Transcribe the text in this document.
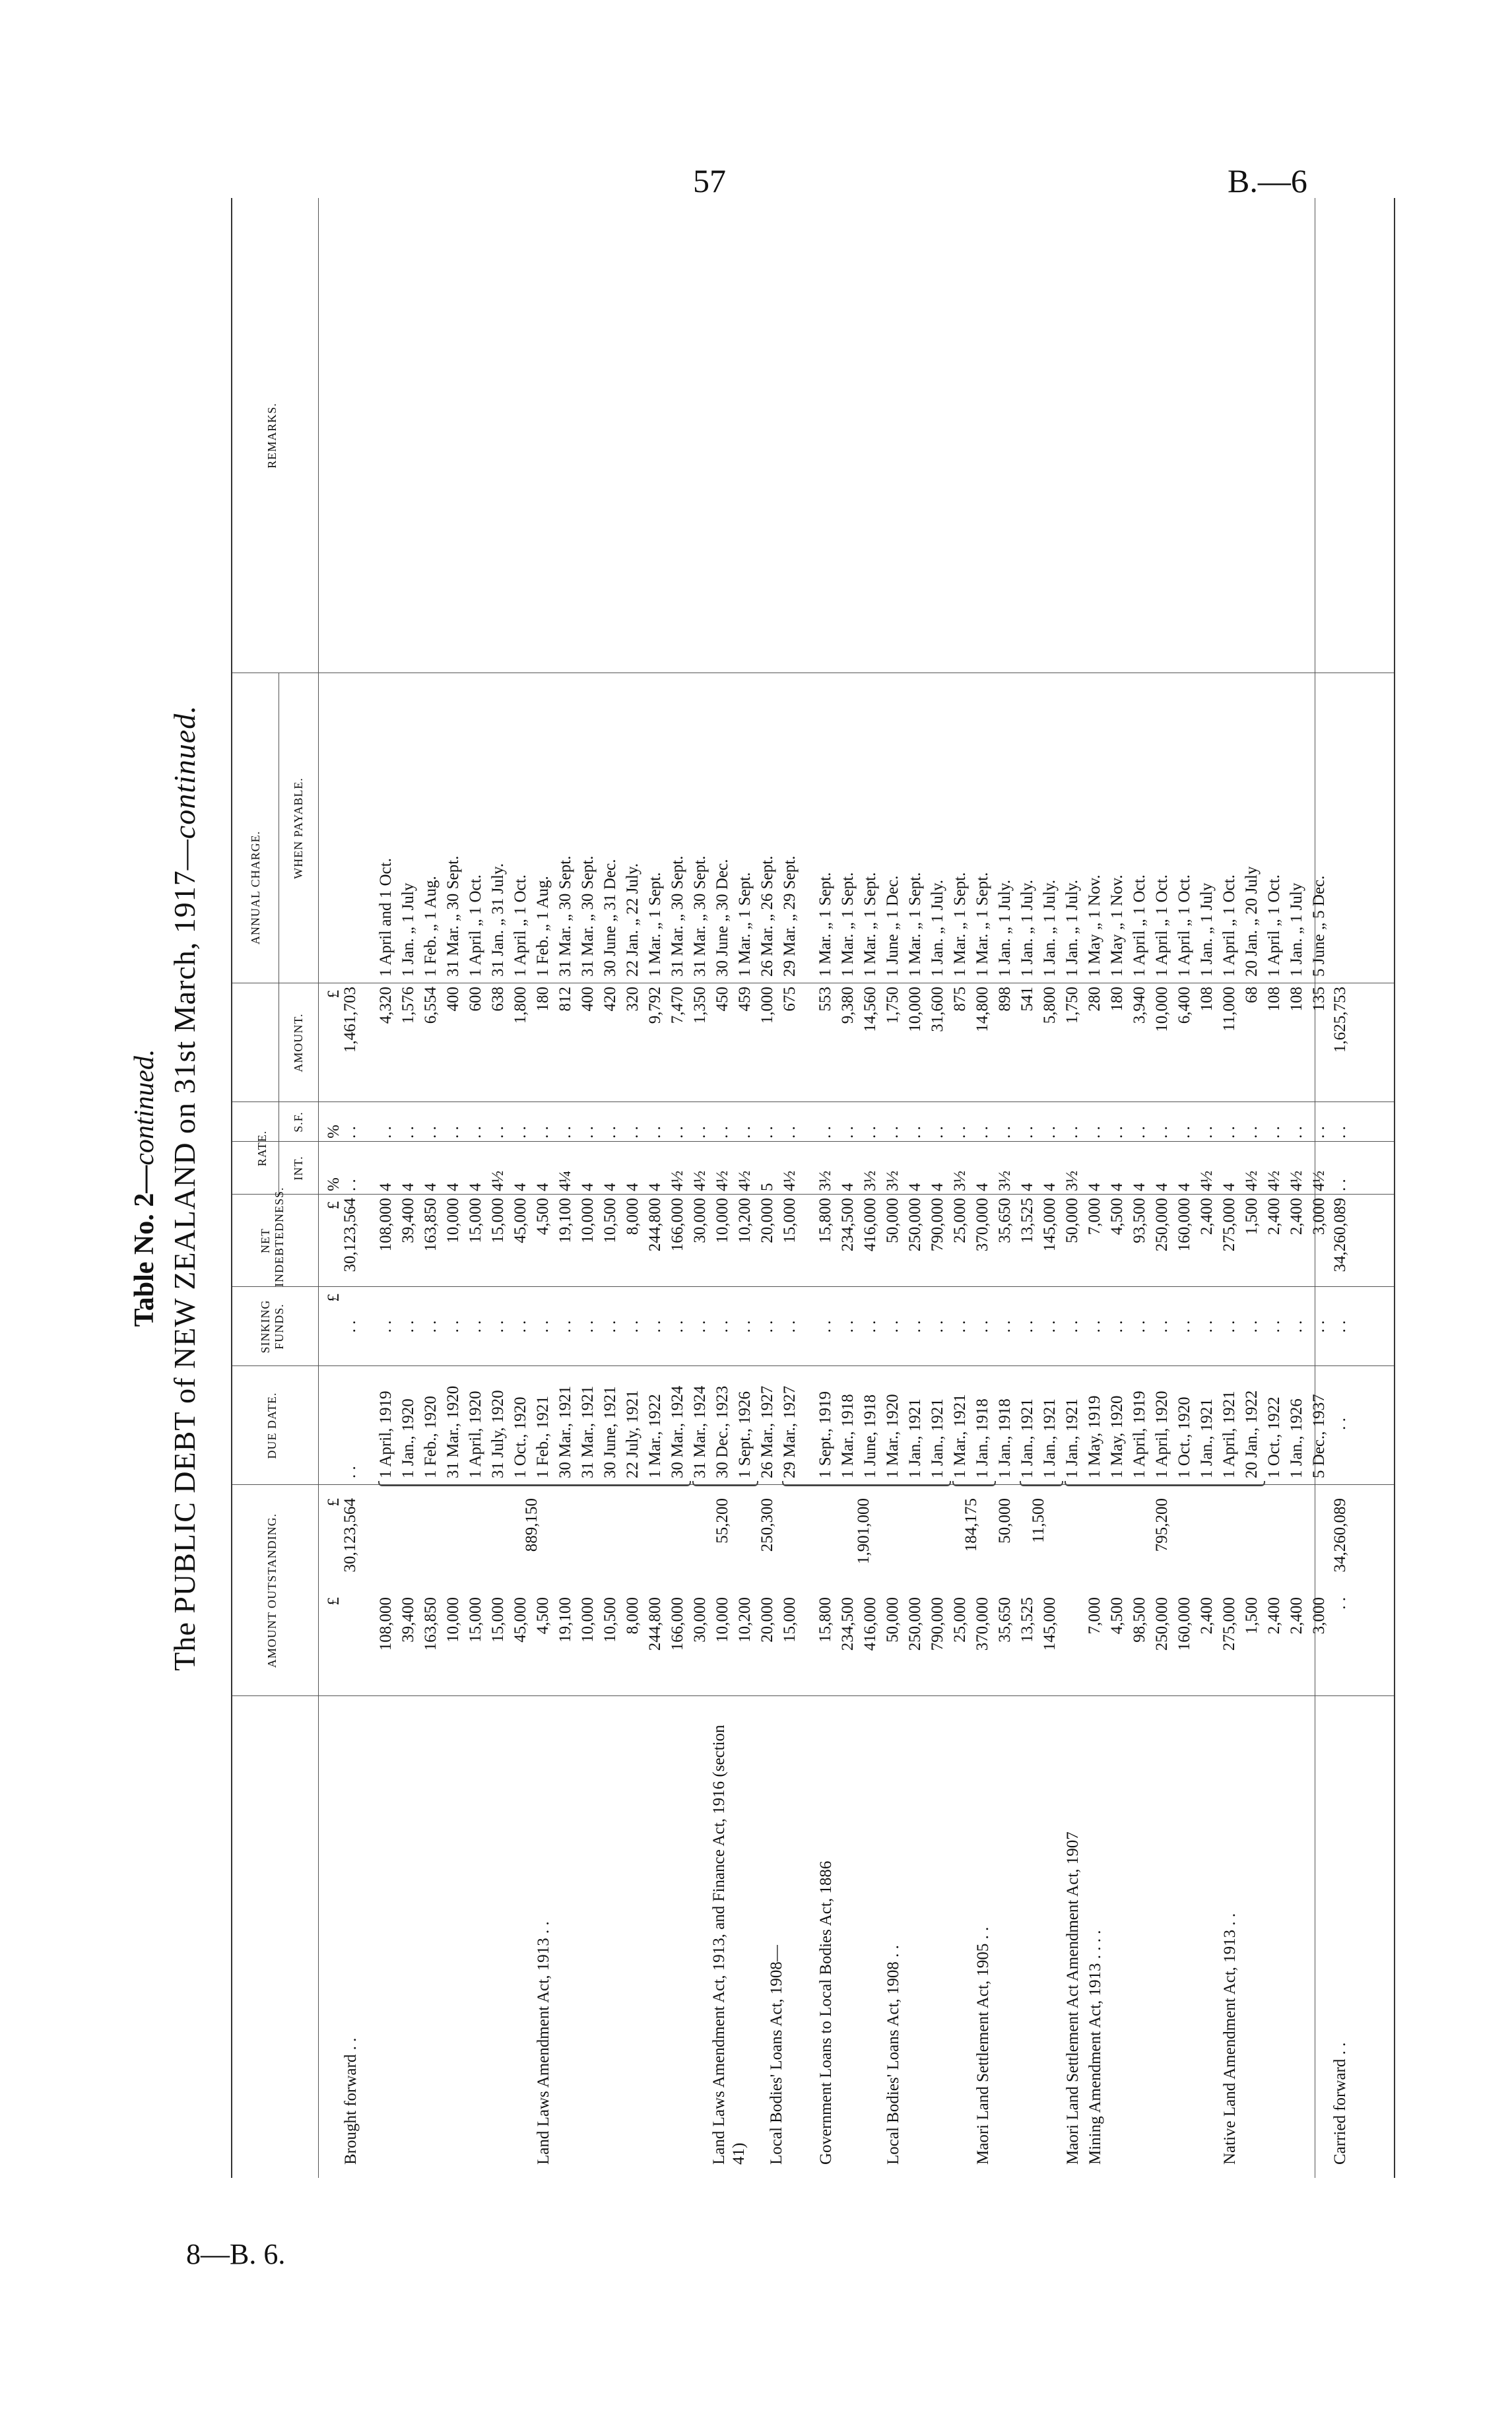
57	B.—6
8—B. 6.
Table No. 2—continued. The PUBLIC DEBT of NEW ZEALAND on 31st March, 1917—continued.
AMOUNT OUTSTANDING.
DUE DATE.
SINKING FUNDS.
NET INDEBTEDNESS.
RATE.
INT.
S.F.
ANNUAL CHARGE.
AMOUNT.
WHEN PAYABLE.
REMARKS.
£
£
£
£
%
%
£
. .
. .
30,123,564
. .
. .
1,461,703
108,000
1 April, 1919
. .
108,000
4
. .
4,320
1 April and 1 Oct.
39,400
1 Jan., 1920
. .
39,400
4
. .
1,576
1 Jan. „ 1 July
163,850
1 Feb., 1920
. .
163,850
4
. .
6,554
1 Feb. „ 1 Aug.
10,000
31 Mar., 1920
. .
10,000
4
. .
400
31 Mar. „ 30 Sept.
15,000
1 April, 1920
. .
15,000
4
. .
600
1 April „ 1 Oct.
15,000
31 July, 1920
. .
15,000
4½
. .
638
31 Jan. „ 31 July.
45,000
1 Oct., 1920
. .
45,000
4
. .
1,800
1 April „ 1 Oct.
4,500
1 Feb., 1921
. .
4,500
4
. .
180
1 Feb. „ 1 Aug.
19,100
30 Mar., 1921
. .
19,100
4¼
. .
812
31 Mar. „ 30 Sept.
10,000
31 Mar., 1921
. .
10,000
4
. .
400
31 Mar. „ 30 Sept.
10,500
30 June, 1921
. .
10,500
4
. .
420
30 June „ 31 Dec.
8,000
22 July, 1921
. .
8,000
4
. .
320
22 Jan. „ 22 July.
244,800
1 Mar., 1922
. .
244,800
4
. .
9,792
1 Mar. „ 1 Sept.
166,000
30 Mar., 1924
. .
166,000
4½
. .
7,470
31 Mar. „ 30 Sept.
30,000
31 Mar., 1924
. .
30,000
4½
. .
1,350
31 Mar. „ 30 Sept.
10,000
30 Dec., 1923
. .
10,000
4½
. .
450
30 June „ 30 Dec.
10,200
1 Sept., 1926
. .
10,200
4½
. .
459
1 Mar. „ 1 Sept.
20,000
26 Mar., 1927
. .
20,000
5
. .
1,000
26 Mar. „ 26 Sept.
15,000
29 Mar., 1927
. .
15,000
4½
. .
675
29 Mar. „ 29 Sept.
15,800
1 Sept., 1919
. .
15,800
3½
. .
553
1 Mar. „ 1 Sept.
234,500
1 Mar., 1918
. .
234,500
4
. .
9,380
1 Mar. „ 1 Sept.
416,000
1 June, 1918
. .
416,000
3½
. .
14,560
1 Mar. „ 1 Sept.
50,000
1 Mar., 1920
. .
50,000
3½
. .
1,750
1 June „ 1 Dec.
250,000
1 Jan., 1921
. .
250,000
4
. .
10,000
1 Mar. „ 1 Sept.
790,000
1 Jan., 1921
. .
790,000
4
. .
31,600
1 Jan. „ 1 July.
25,000
1 Mar., 1921
. .
25,000
3½
. .
875
1 Mar. „ 1 Sept.
370,000
1 Jan., 1918
. .
370,000
4
. .
14,800
1 Mar. „ 1 Sept.
35,650
1 Jan., 1918
. .
35,650
3½
. .
898
1 Jan. „ 1 July.
13,525
1 Jan., 1921
. .
13,525
4
. .
541
1 Jan. „ 1 July.
145,000
1 Jan., 1921
. .
145,000
4
. .
5,800
1 Jan. „ 1 July.
1 Jan., 1921
. .
50,000
3½
. .
1,750
1 Jan. „ 1 July.
7,000
1 May, 1919
. .
7,000
4
. .
280
1 May „ 1 Nov.
4,500
1 May, 1920
. .
4,500
4
. .
180
1 May „ 1 Nov.
98,500
1 April, 1919
. .
93,500
4
. .
3,940
1 April „ 1 Oct.
250,000
1 April, 1920
. .
250,000
4
. .
10,000
1 April „ 1 Oct.
160,000
1 Oct., 1920
. .
160,000
4
. .
6,400
1 April „ 1 Oct.
2,400
1 Jan., 1921
. .
2,400
4½
. .
108
1 Jan. „ 1 July
275,000
1 April, 1921
. .
275,000
4
. .
11,000
1 April „ 1 Oct.
1,500
20 Jan., 1922
. .
1,500
4½
. .
68
20 Jan. „ 20 July
2,400
1 Oct., 1922
. .
2,400
4½
. .
108
1 April „ 1 Oct.
2,400
1 Jan., 1926
. .
2,400
4½
. .
108
1 Jan. „ 1 July
3,000
5 Dec., 1937
. .
3,000
4½
. .
135
5 June „ 5 Dec.
Brought forward . .
30,123,564
Land Laws Amendment Act, 1913 . .
889,150
Land Laws Amendment Act, 1913, and Finance Act, 1916 (section 41)
55,200
Local Bodies' Loans Act, 1908— Government Loans to Local Bodies Act, 1886
250,300
Local Bodies' Loans Act, 1908 . .
1,901,000
Maori Land Settlement Act, 1905 . .
184,175
Maori Land Settlement Act Amendment Act, 1907
50,000
Mining Amendment Act, 1913 . . . .
11,500
Native Land Amendment Act, 1913 . .
795,200
Carried forward . .
. .
34,260,089
. .
. .
34,260,089
. .
. .
1,625,753
